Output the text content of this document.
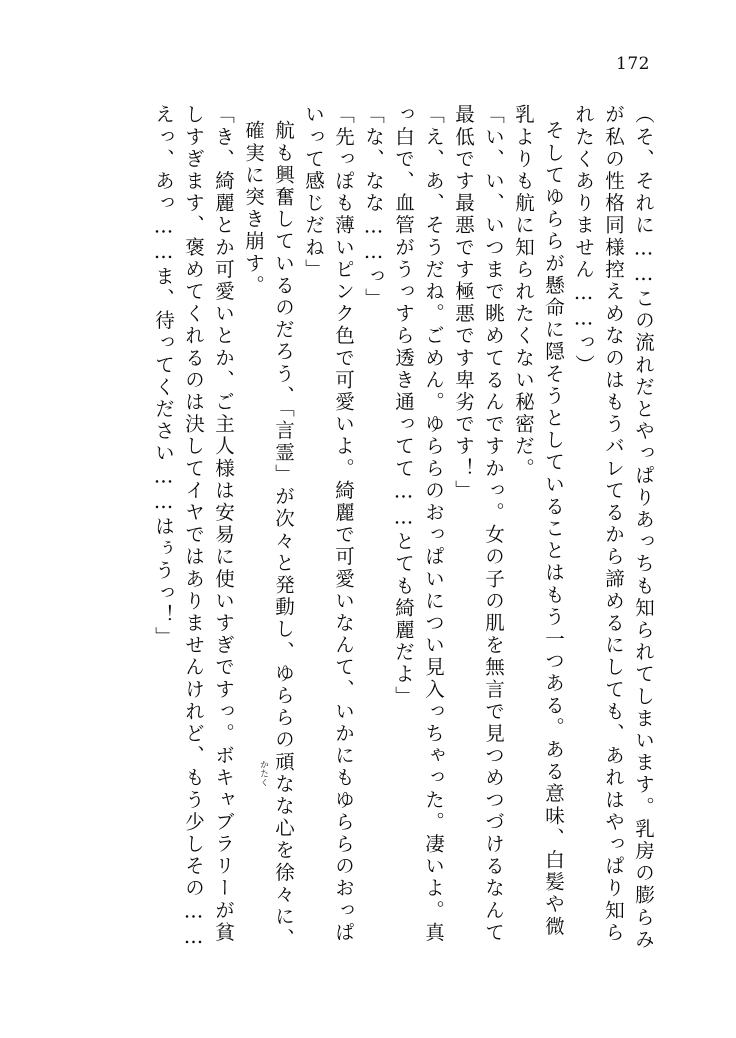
172
（そ、それに……この流れだとやっぱりあっちも知られてしまいます。乳房の膨らみ
が私の性格同様控えめなのはもうバレてるから諦めるにしても、あれはやっぱり知ら
れたくありません……っ）
そしてゆららが懸命に隠そうとしていることはもう一つある。ある意味、白髪や微
乳よりも航に知られたくない秘密だ。
「い、い、いつまで眺めてるんですかっ。女の子の肌を無言で見つめつづけるなんて
最低です最悪です極悪です卑劣です！」
「え、あ、そうだね。ごめん。ゆららのおっぱいについ見入っちゃった。凄いよ。真
っ白で、血管がうっすら透き通ってて……とても綺麗だよ」
「な、なな……っ」
「先っぽも薄いピンク色で可愛いよ。綺麗で可愛いなんて、いかにもゆららのおっぱ
いって感じだね」
航も興奮しているのだろう、「言霊」が次々と発動し、ゆららの頑なな心を徐々に、
確実に突き崩す。
「き、綺麗とか可愛いとか、ご主人様は安易に使いすぎですっ。ボキャブラリーが貧
しすぎます、褒めてくれるのは決してイヤではありませんけれど、もう少しその……
えっ、あっ……ま、待ってください……はぅうっ！」
かたく
